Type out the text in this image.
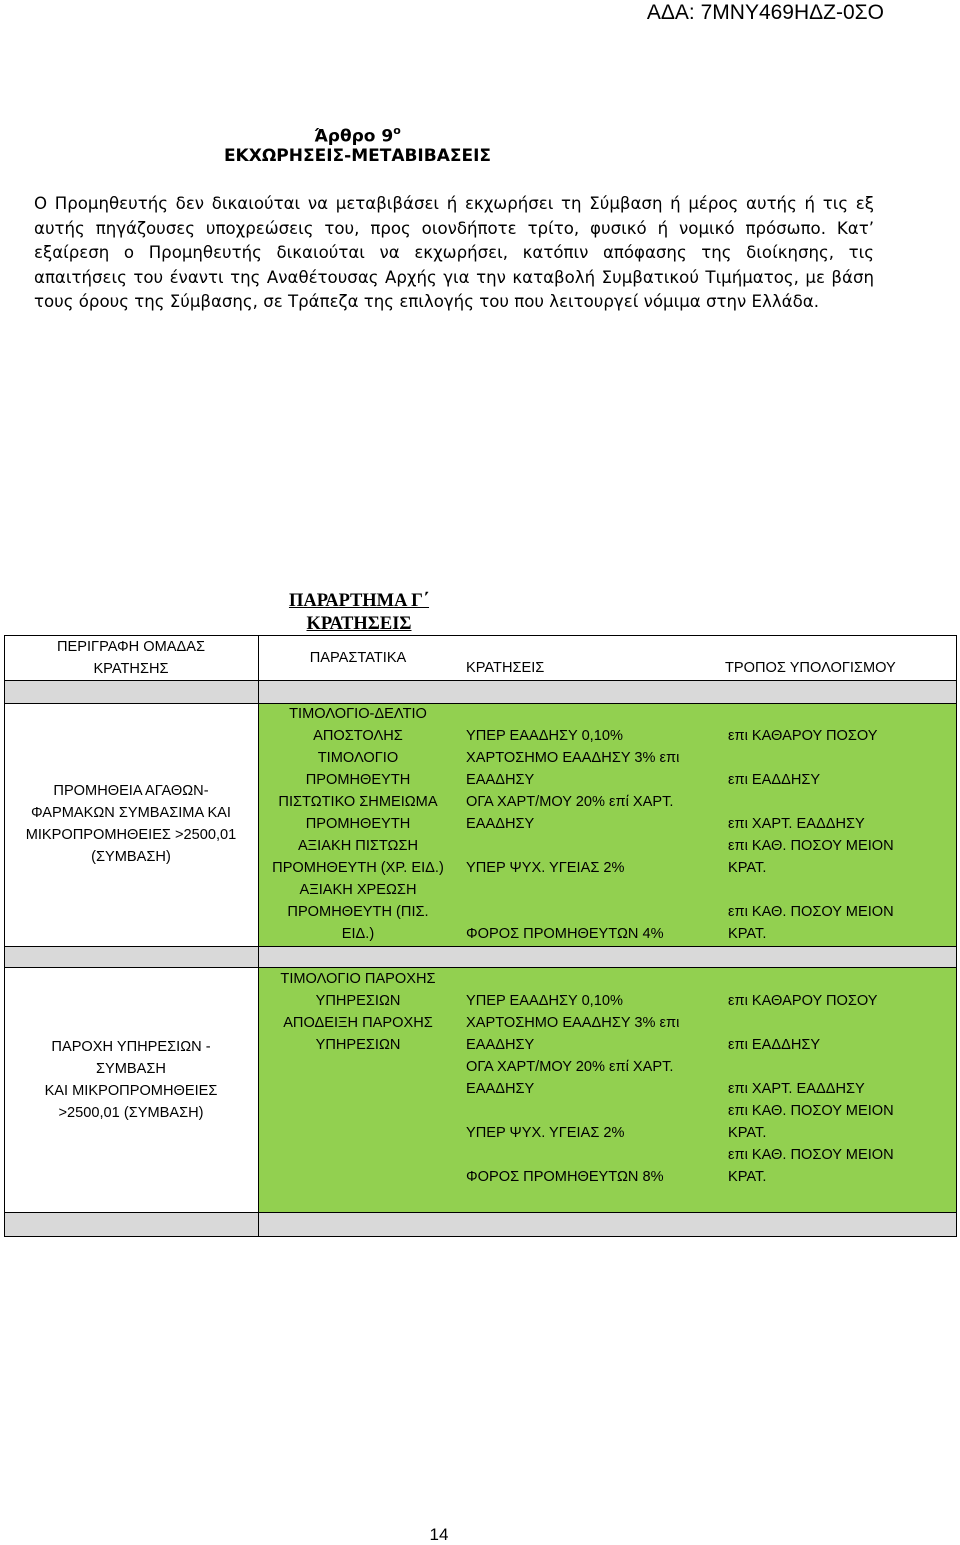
ΑΔΑ: 7ΜΝΥ469ΗΔΖ-0ΣΟ
Άρθρο $9^o$
ΕΚΧΩΡΗΣΕΙΣ-ΜΕΤΑΒΙΒΑΣΕΙΣ

Ο Προμηθευτής δεν δικαιούται να μεταβιβάσει ή εκχωρήσει τη Σύμβαση ή μέρος αυτής ή τις εξ αυτής πηγάζουσες υποχρεώσεις του, προς οιονδήποτε τρίτο, φυσικό ή νομικό πρόσωπο. Κατ’ εξαίρεση ο Προμηθευτής δικαιούται να εκχωρήσει, κατόπιν απόφασης της διοίκησης, τις απαιτήσεις του έναντι της Αναθέτουσας Αρχής για την καταβολή Συμβατικού Τιμήματος, με βάση τους όρους της Σύμβασης, σε Τράπεζα της επιλογής του που λειτουργεί νόμιμα στην Ελλάδα.

ΠΑΡΑΡΤΗΜΑ Γ΄
ΚΡΑΤΗΣΕΙΣ
ΠΕΡΙΓΡΑΦΗ ΟΜΑΔΑΣ
ΚΡΑΤΗΣΗΣ
ΠΑΡΑΣΤΑΤΙΚΑ
ΚΡΑΤΗΣΕΙΣ	ΤΡΟΠΟΣ ΥΠΟΛΟΓΙΣΜΟΥ
ΠΡΟΜΗΘΕΙΑ ΑΓΑΘΩΝ-
ΦΑΡΜΑΚΩΝ ΣΥΜΒΑΣΙΜΑ ΚΑΙ
ΜΙΚΡΟΠΡΟΜΗΘΕΙΕΣ >2500,01
(ΣΥΜΒΑΣΗ)
ΤΙΜΟΛΟΓΙΟ-ΔΕΛΤΙΟ
ΑΠΟΣΤΟΛΗΣ
ΤΙΜΟΛΟΓΙΟ
ΠΡΟΜΗΘΕΥΤΗ
ΠΙΣΤΩΤΙΚΟ ΣΗΜΕΙΩΜΑ
ΠΡΟΜΗΘΕΥΤΗ
ΑΞΙΑΚΗ ΠΙΣΤΩΣΗ
ΠΡΟΜΗΘΕΥΤΗ (ΧΡ. ΕΙΔ.)
ΑΞΙΑΚΗ ΧΡΕΩΣΗ
ΠΡΟΜΗΘΕΥΤΗ (ΠΙΣ.
ΕΙΔ.)

ΥΠΕΡ ΕΑΑΔΗΣΥ 0,10%
ΧΑΡΤΟΣΗΜΟ ΕΑΑΔΗΣΥ 3% επι
ΕΑΑΔΗΣΥ
ΟΓΑ ΧΑΡΤ/ΜΟΥ 20% επί ΧΑΡΤ.
ΕΑΑΔΗΣΥ

ΥΠΕΡ ΨΥΧ. ΥΓΕΙΑΣ 2%

ΦΟΡΟΣ ΠΡΟΜΗΘΕΥΤΩΝ 4%

επι ΚΑΘΑΡΟΥ ΠΟΣΟΥ

επι ΕΑΔΔΗΣΥ

επι ΧΑΡΤ. ΕΑΔΔΗΣΥ
επι ΚΑΘ. ΠΟΣΟΥ ΜΕΙΟΝ
ΚΡΑΤ.

επι ΚΑΘ. ΠΟΣΟΥ ΜΕΙΟΝ
ΚΡΑΤ.
ΠΑΡΟΧΗ ΥΠΗΡΕΣΙΩΝ -
ΣΥΜΒΑΣΗ
ΚΑΙ ΜΙΚΡΟΠΡΟΜΗΘΕΙΕΣ
>2500,01 (ΣΥΜΒΑΣΗ)
ΤΙΜΟΛΟΓΙΟ ΠΑΡΟΧΗΣ
ΥΠΗΡΕΣΙΩΝ
ΑΠΟΔΕΙΞΗ ΠΑΡΟΧΗΣ
ΥΠΗΡΕΣΙΩΝ

ΥΠΕΡ ΕΑΑΔΗΣΥ 0,10%
ΧΑΡΤΟΣΗΜΟ ΕΑΑΔΗΣΥ 3% επι
ΕΑΑΔΗΣΥ
ΟΓΑ ΧΑΡΤ/ΜΟΥ 20% επί ΧΑΡΤ.
ΕΑΑΔΗΣΥ

ΥΠΕΡ ΨΥΧ. ΥΓΕΙΑΣ 2%

ΦΟΡΟΣ ΠΡΟΜΗΘΕΥΤΩΝ 8%

επι ΚΑΘΑΡΟΥ ΠΟΣΟΥ

επι ΕΑΔΔΗΣΥ

επι ΧΑΡΤ. ΕΑΔΔΗΣΥ
επι ΚΑΘ. ΠΟΣΟΥ ΜΕΙΟΝ
ΚΡΑΤ.
επι ΚΑΘ. ΠΟΣΟΥ ΜΕΙΟΝ
ΚΡΑΤ.
14
